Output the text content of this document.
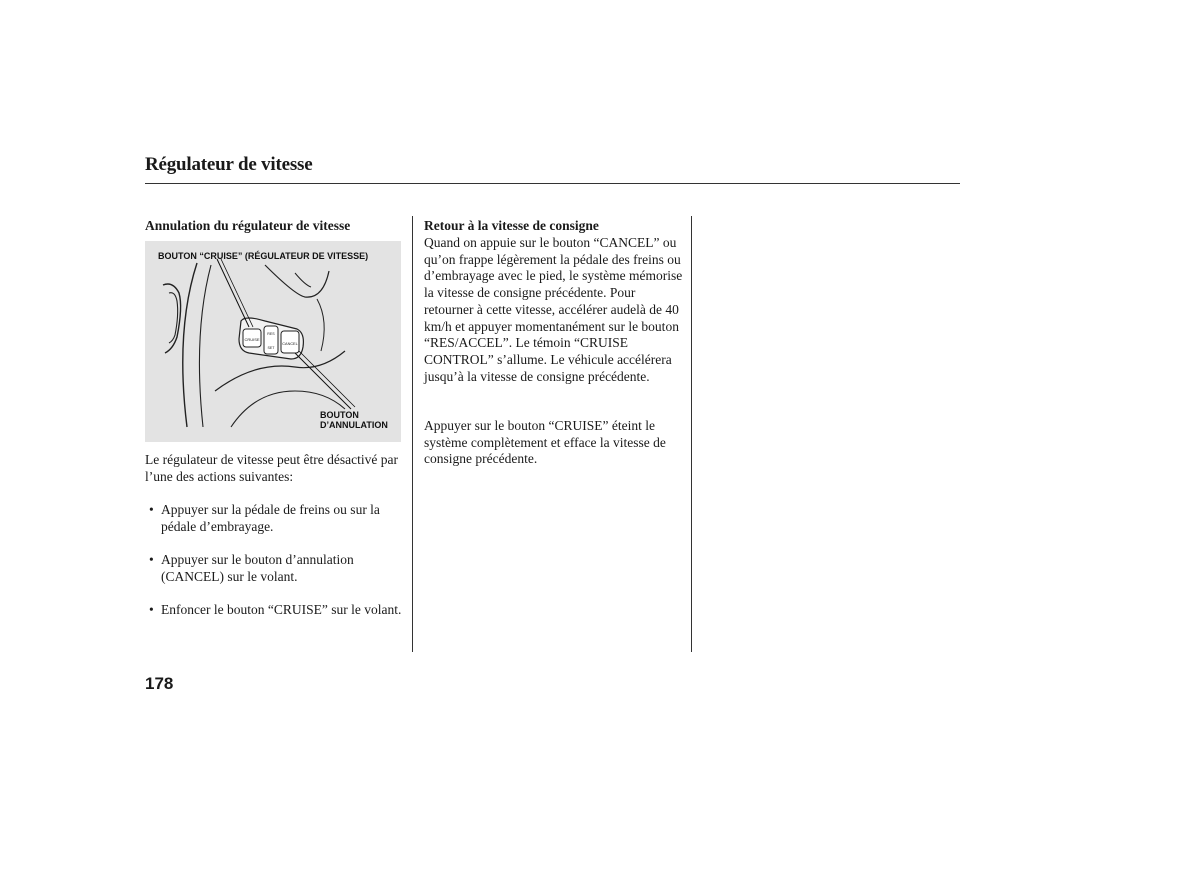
Régulateur de vitesse
Annulation du régulateur de vitesse
CRUISE
RES
SET
CANCEL
BOUTON “CRUISE” (RÉGULATEUR DE VITESSE)
BOUTON
D’ANNULATION

Le régulateur de vitesse peut être désactivé par l’une des actions suivantes:

• Appuyer sur la pédale de freins ou sur la pédale d’embrayage.
• Appuyer sur le bouton d’annulation (CANCEL) sur le volant.
• Enfoncer le bouton “CRUISE” sur le volant.
Retour à la vitesse de consigne

Quand on appuie sur le bouton “CANCEL” ou qu’on frappe légèrement la pédale des freins ou d’embrayage avec le pied, le système mémorise la vitesse de consigne précédente. Pour retourner à cette vitesse, accélérer audelà de 40 km/h et appuyer momentanément sur le bouton “RES/ACCEL”. Le témoin “CRUISE CONTROL” s’allume. Le véhicule accélérera jusqu’à la vitesse de consigne précédente.

Appuyer sur le bouton “CRUISE” éteint le système complètement et efface la vitesse de consigne précédente.

178
